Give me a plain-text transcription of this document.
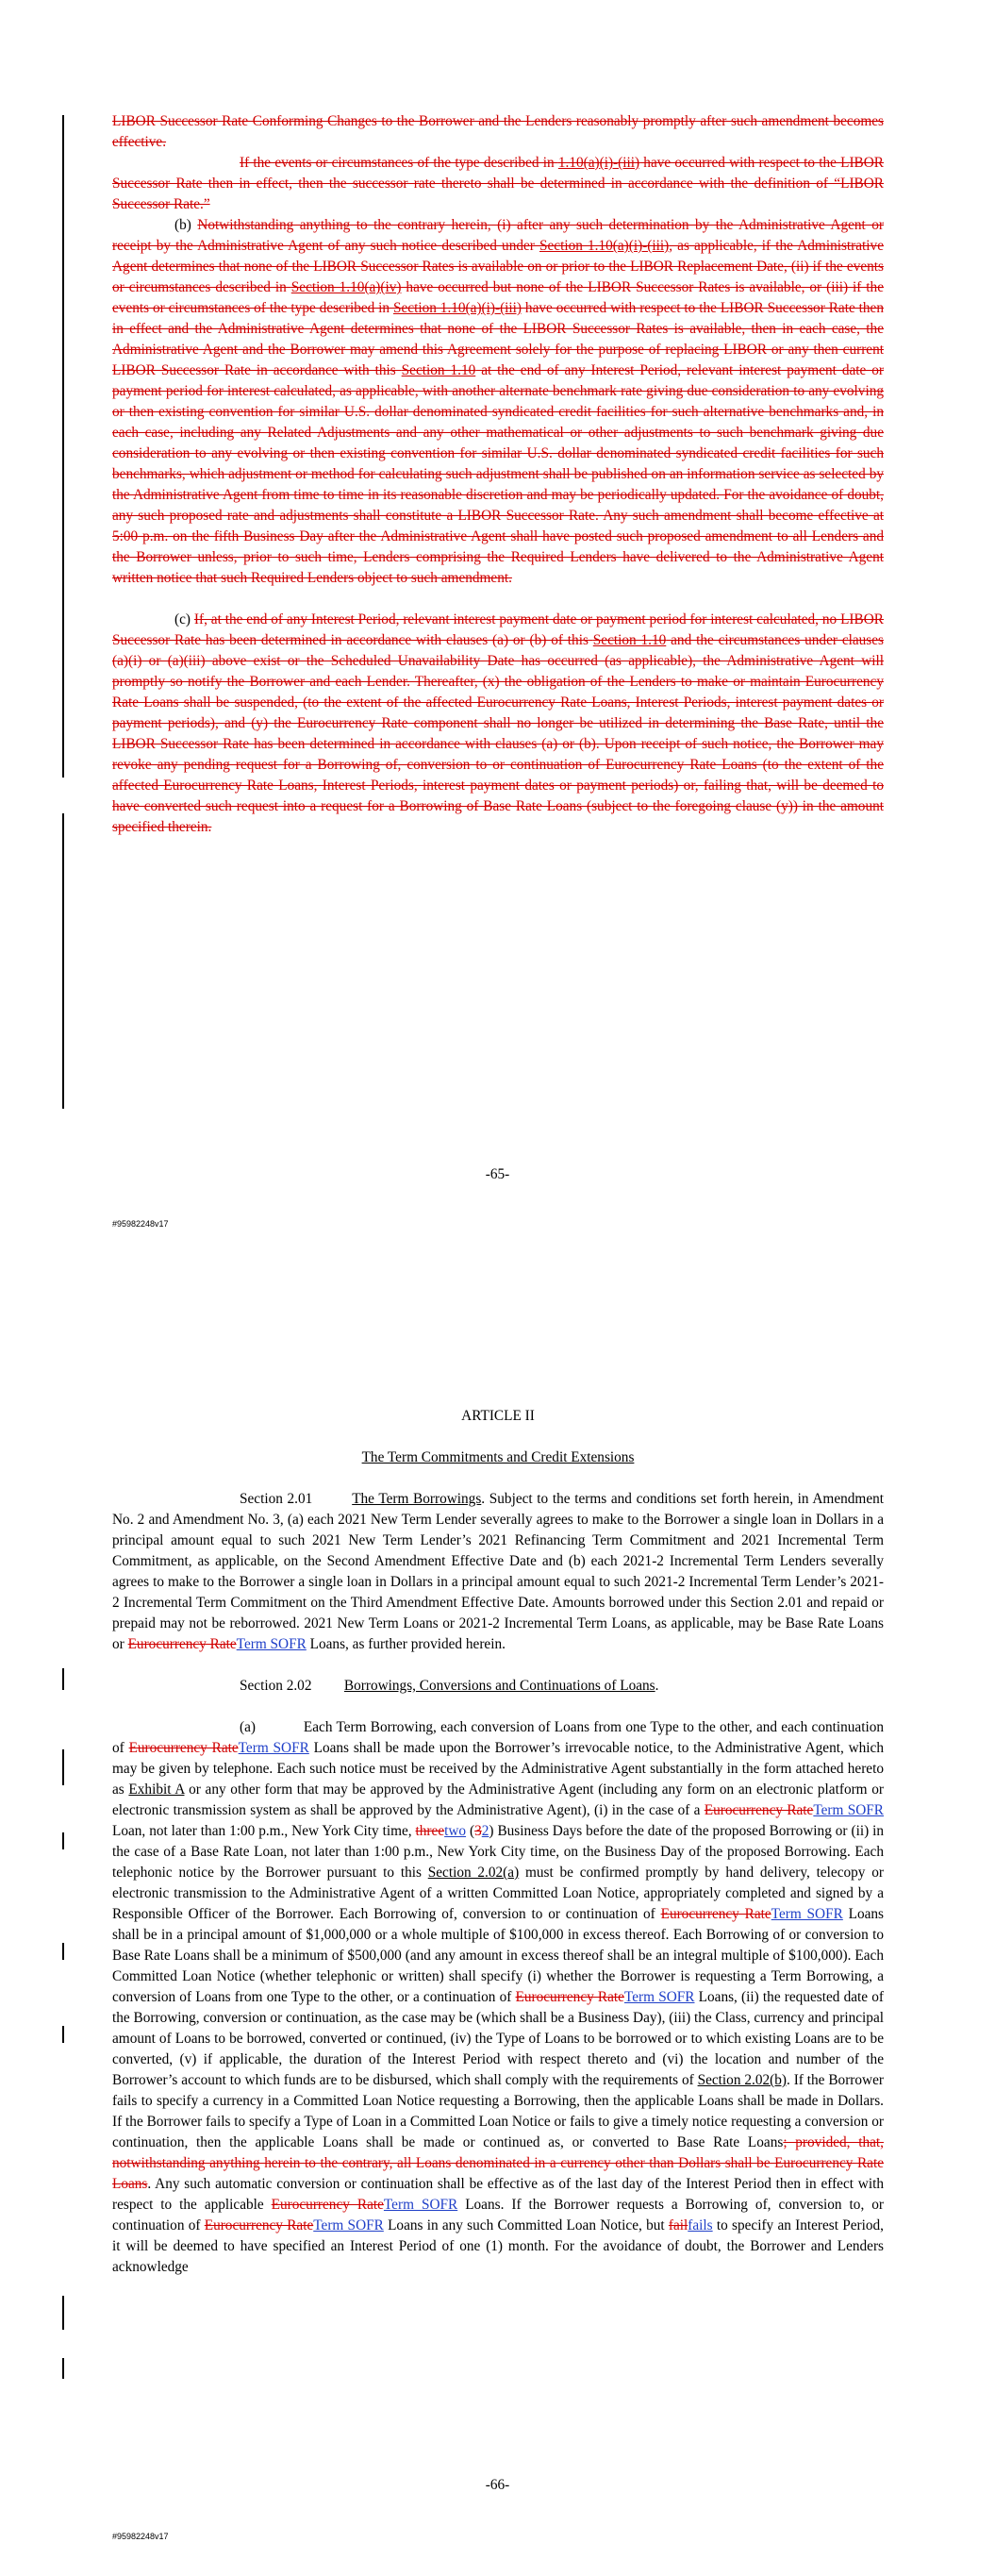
LIBOR Successor Rate Conforming Changes to the Borrower and the Lenders reasonably promptly after such amendment becomes effective.

If the events or circumstances of the type described in 1.10(a)(i)-(iii) have occurred with respect to the LIBOR Successor Rate then in effect, then the successor rate thereto shall be determined in accordance with the definition of “LIBOR Successor Rate.”

(b) Notwithstanding anything to the contrary herein, (i) after any such determination by the Administrative Agent or receipt by the Administrative Agent of any such notice described under Section 1.10(a)(i)-(iii), as applicable, if the Administrative Agent determines that none of the LIBOR Successor Rates is available on or prior to the LIBOR Replacement Date, (ii) if the events or circumstances described in Section 1.10(a)(iv) have occurred but none of the LIBOR Successor Rates is available, or (iii) if the events or circumstances of the type described in Section 1.10(a)(i)-(iii) have occurred with respect to the LIBOR Successor Rate then in effect and the Administrative Agent determines that none of the LIBOR Successor Rates is available, then in each case, the Administrative Agent and the Borrower may amend this Agreement solely for the purpose of replacing LIBOR or any then current LIBOR Successor Rate in accordance with this Section 1.10 at the end of any Interest Period, relevant interest payment date or payment period for interest calculated, as applicable, with another alternate benchmark rate giving due consideration to any evolving or then existing convention for similar U.S. dollar denominated syndicated credit facilities for such alternative benchmarks and, in each case, including any Related Adjustments and any other mathematical or other adjustments to such benchmark giving due consideration to any evolving or then existing convention for similar U.S. dollar denominated syndicated credit facilities for such benchmarks, which adjustment or method for calculating such adjustment shall be published on an information service as selected by the Administrative Agent from time to time in its reasonable discretion and may be periodically updated. For the avoidance of doubt, any such proposed rate and adjustments shall constitute a LIBOR Successor Rate. Any such amendment shall become effective at 5:00 p.m. on the fifth Business Day after the Administrative Agent shall have posted such proposed amendment to all Lenders and the Borrower unless, prior to such time, Lenders comprising the Required Lenders have delivered to the Administrative Agent written notice that such Required Lenders object to such amendment.

(c) If, at the end of any Interest Period, relevant interest payment date or payment period for interest calculated, no LIBOR Successor Rate has been determined in accordance with clauses (a) or (b) of this Section 1.10 and the circumstances under clauses (a)(i) or (a)(iii) above exist or the Scheduled Unavailability Date has occurred (as applicable), the Administrative Agent will promptly so notify the Borrower and each Lender. Thereafter, (x) the obligation of the Lenders to make or maintain Eurocurrency Rate Loans shall be suspended, (to the extent of the affected Eurocurrency Rate Loans, Interest Periods, interest payment dates or payment periods), and (y) the Eurocurrency Rate component shall no longer be utilized in determining the Base Rate, until the LIBOR Successor Rate has been determined in accordance with clauses (a) or (b). Upon receipt of such notice, the Borrower may revoke any pending request for a Borrowing of, conversion to or continuation of Eurocurrency Rate Loans (to the extent of the affected Eurocurrency Rate Loans, Interest Periods, interest payment dates or payment periods) or, failing that, will be deemed to have converted such request into a request for a Borrowing of Base Rate Loans (subject to the foregoing clause (y)) in the amount specified therein.

-65-
#95982248v17

ARTICLE II

The Term Commitments and Credit Extensions

Section 2.01	The Term Borrowings. Subject to the terms and conditions set forth herein, in Amendment No. 2 and Amendment No. 3, (a) each 2021 New Term Lender severally agrees to make to the Borrower a single loan in Dollars in a principal amount equal to such 2021 New Term Lender’s 2021 Refinancing Term Commitment and 2021 Incremental Term Commitment, as applicable, on the Second Amendment Effective Date and (b) each 2021-2 Incremental Term Lenders severally agrees to make to the Borrower a single loan in Dollars in a principal amount equal to such 2021-2 Incremental Term Lender’s 2021-2 Incremental Term Commitment on the Third Amendment Effective Date. Amounts borrowed under this Section 2.01 and repaid or prepaid may not be reborrowed. 2021 New Term Loans or 2021-2 Incremental Term Loans, as applicable, may be Base Rate Loans or Eurocurrency RateTerm SOFR Loans, as further provided herein.

Section 2.02 Borrowings, Conversions and Continuations of Loans.

(a)	Each Term Borrowing, each conversion of Loans from one Type to the other, and each continuation of Eurocurrency RateTerm SOFR Loans shall be made upon the Borrower’s irrevocable notice, to the Administrative Agent, which may be given by telephone. Each such notice must be received by the Administrative Agent substantially in the form attached hereto as Exhibit A or any other form that may be approved by the Administrative Agent (including any form on an electronic platform or electronic transmission system as shall be approved by the Administrative Agent), (i) in the case of a Eurocurrency RateTerm SOFR Loan, not later than 1:00 p.m., New York City time, threetwo (32) Business Days before the date of the proposed Borrowing or (ii) in the case of a Base Rate Loan, not later than 1:00 p.m., New York City time, on the Business Day of the proposed Borrowing. Each telephonic notice by the Borrower pursuant to this Section 2.02(a) must be confirmed promptly by hand delivery, telecopy or electronic transmission to the Administrative Agent of a written Committed Loan Notice, appropriately completed and signed by a Responsible Officer of the Borrower. Each Borrowing of, conversion to or continuation of Eurocurrency RateTerm SOFR Loans shall be in a principal amount of $1,000,000 or a whole multiple of $100,000 in excess thereof. Each Borrowing of or conversion to Base Rate Loans shall be a minimum of $500,000 (and any amount in excess thereof shall be an integral multiple of $100,000). Each Committed Loan Notice (whether telephonic or written) shall specify (i) whether the Borrower is requesting a Term Borrowing, a conversion of Loans from one Type to the other, or a continuation of Eurocurrency RateTerm SOFR Loans, (ii) the requested date of the Borrowing, conversion or continuation, as the case may be (which shall be a Business Day), (iii) the Class, currency and principal amount of Loans to be borrowed, converted or continued, (iv) the Type of Loans to be borrowed or to which existing Loans are to be converted, (v) if applicable, the duration of the Interest Period with respect thereto and (vi) the location and number of the Borrower’s account to which funds are to be disbursed, which shall comply with the requirements of Section 2.02(b). If the Borrower fails to specify a currency in a Committed Loan Notice requesting a Borrowing, then the applicable Loans shall be made in Dollars. If the Borrower fails to specify a Type of Loan in a Committed Loan Notice or fails to give a timely notice requesting a conversion or continuation, then the applicable Loans shall be made or continued as, or converted to Base Rate Loans; provided, that, notwithstanding anything herein to the contrary, all Loans denominated in a currency other than Dollars shall be Eurocurrency Rate Loans. Any such automatic conversion or continuation shall be effective as of the last day of the Interest Period then in effect with respect to the applicable Eurocurrency RateTerm SOFR Loans. If the Borrower requests a Borrowing of, conversion to, or continuation of Eurocurrency RateTerm SOFR Loans in any such Committed Loan Notice, but failfails to specify an Interest Period, it will be deemed to have specified an Interest Period of one (1) month. For the avoidance of doubt, the Borrower and Lenders acknowledge

-66-
#95982248v17
